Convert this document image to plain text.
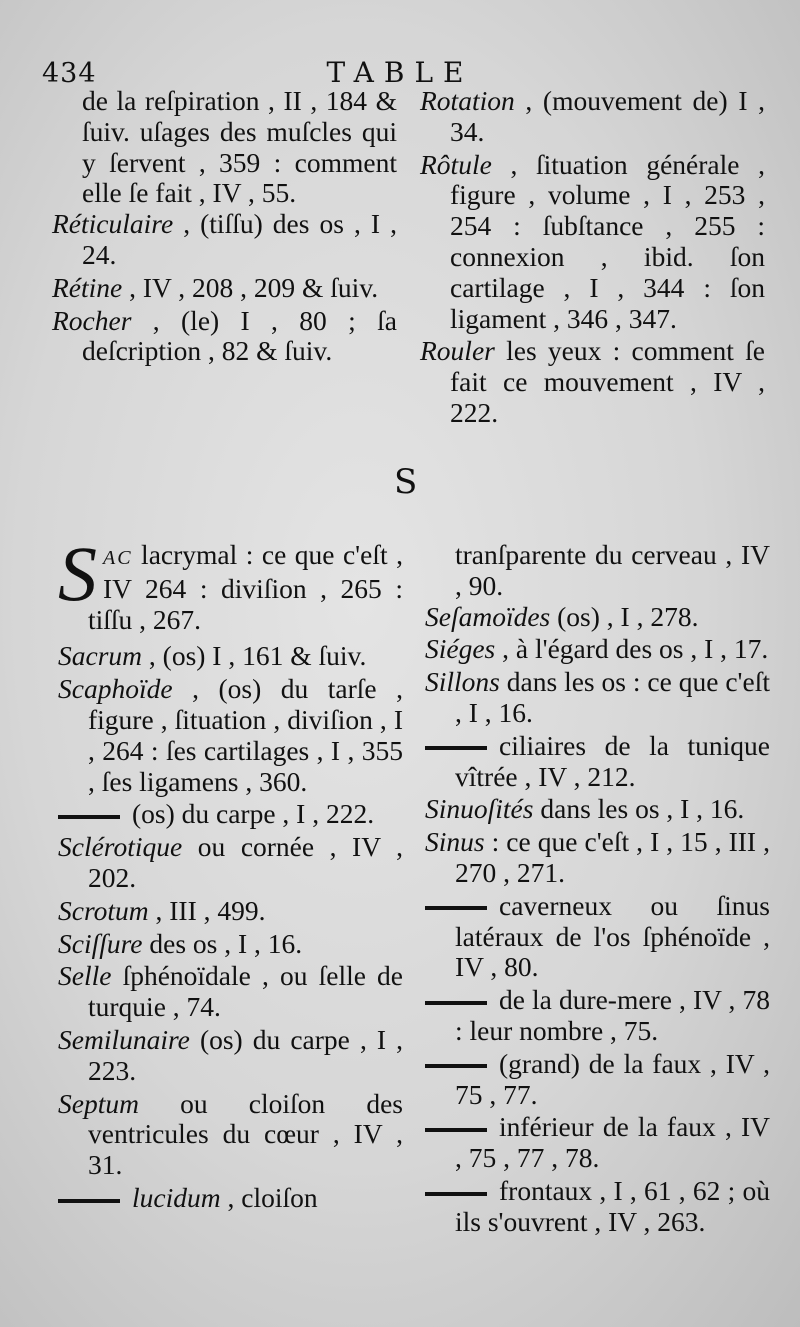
434	TABLE
de la reſpiration , II , 184 & ſuiv. uſages des muſcles qui y ſervent , 359 : comment elle ſe fait , IV , 55.
Réticulaire , (tiſſu) des os , I , 24.
Rétine , IV , 208 , 209 & ſuiv.
Rocher , (le) I , 80 ; ſa deſcription , 82 & ſuiv.
Rotation , (mouvement de) I , 34.
Rôtule , ſituation générale , figure , volume , I , 253 , 254 : ſubſtance , 255 : connexion , ibid. ſon cartilage , I , 344 : ſon ligament , 346 , 347.
Rouler les yeux : comment ſe fait ce mouvement , IV , 222.
S
SAC lacrymal : ce que c'eſt , IV 264 : diviſion , 265 : tiſſu , 267.
Sacrum , (os) I , 161 & ſuiv.
Scaphoïde , (os) du tarſe , figure , ſituation , diviſion , I , 264 : ſes cartilages , I , 355 , ſes ligamens , 360.
(os) du carpe , I , 222.
Sclérotique ou cornée , IV , 202.
Scrotum , III , 499.
Sciſſure des os , I , 16.
Selle ſphénoïdale , ou ſelle de turquie , 74.
Semilunaire (os) du carpe , I , 223.
Septum ou cloiſon des ventricules du cœur , IV , 31.
lucidum , cloiſon
tranſparente du cerveau , IV , 90.
Seſamoïdes (os) , I , 278.
Siéges , à l'égard des os , I , 17.
Sillons dans les os : ce que c'eſt , I , 16.
ciliaires de la tunique vîtrée , IV , 212.
Sinuoſités dans les os , I , 16.
Sinus : ce que c'eſt , I , 15 , III , 270 , 271.
caverneux ou ſinus latéraux de l'os ſphénoïde , IV , 80.
de la dure-mere , IV , 78 : leur nombre , 75.
(grand) de la faux , IV , 75 , 77.
inférieur de la faux , IV , 75 , 77 , 78.
frontaux , I , 61 , 62 ; où ils s'ouvrent , IV , 263.
